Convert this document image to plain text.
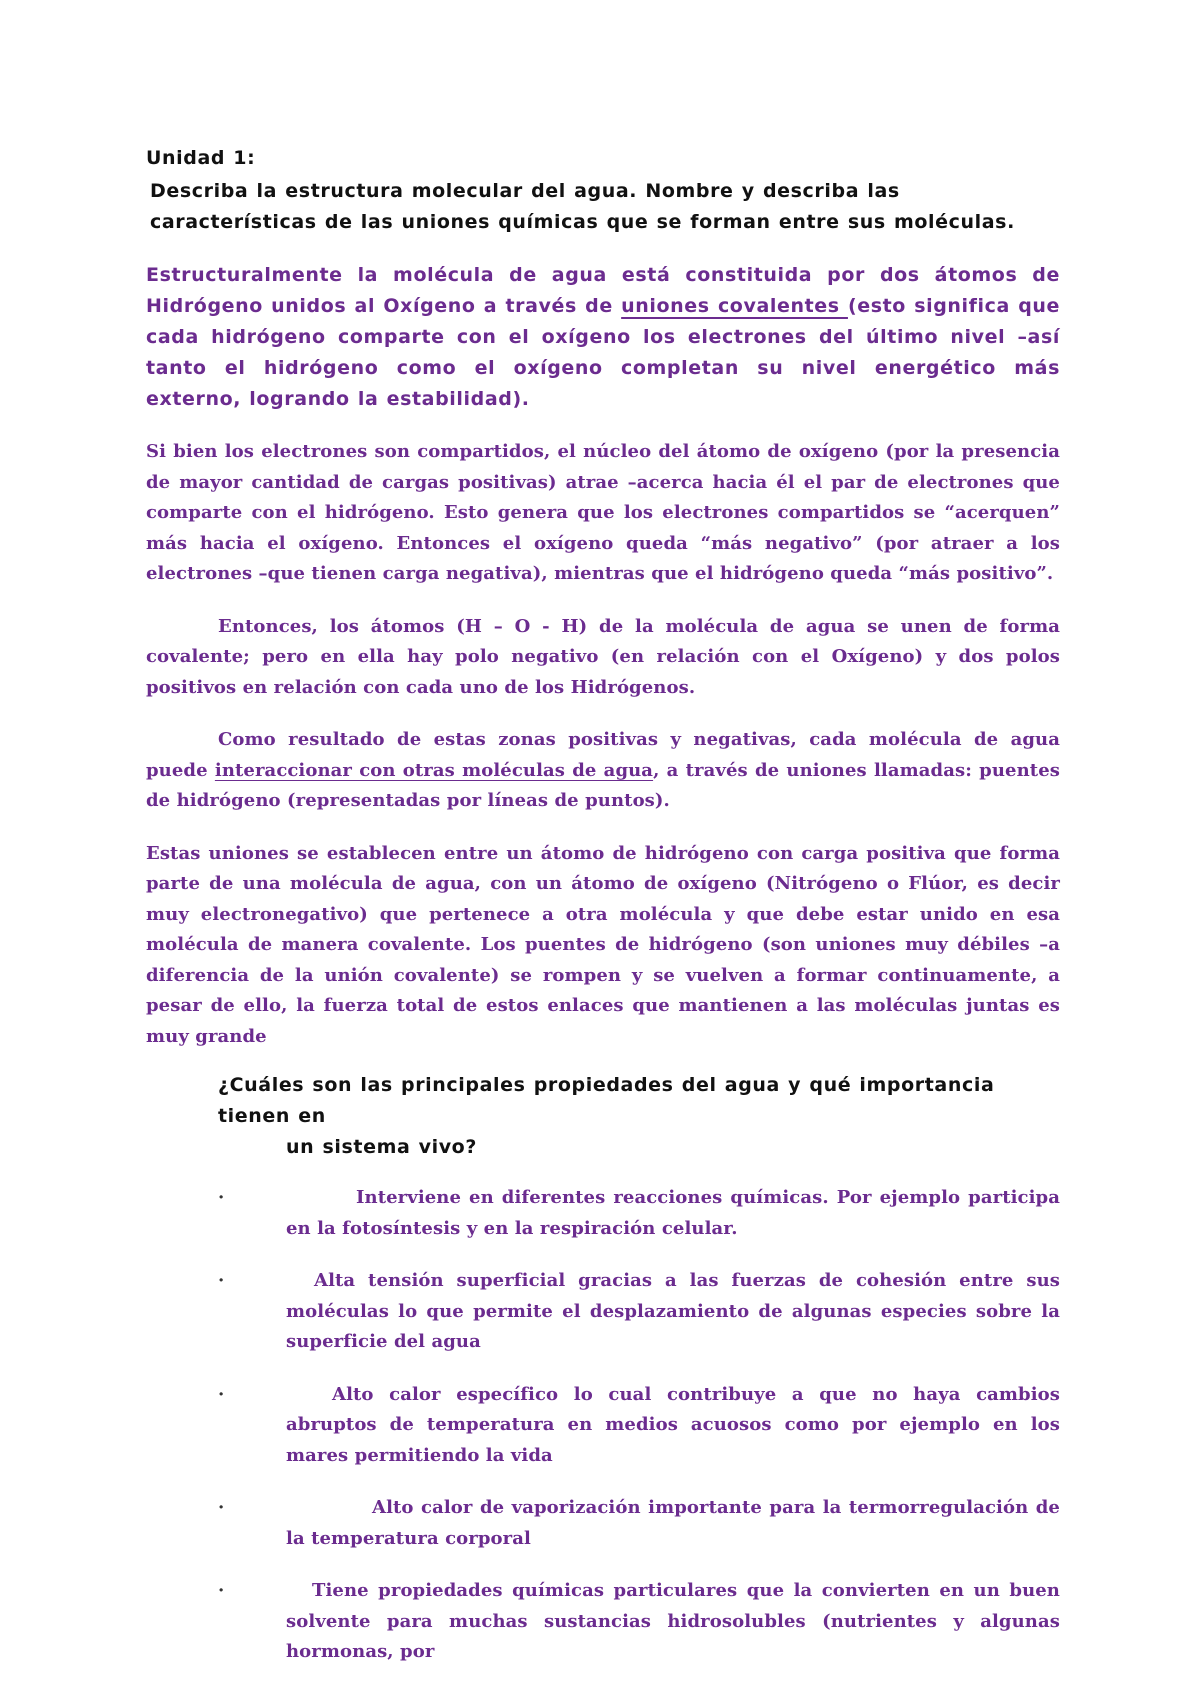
Unidad 1:

Describa la estructura molecular del agua. Nombre y describa las características de las uniones químicas que se forman entre sus moléculas.

Estructuralmente la molécula de agua está constituida por dos átomos de Hidrógeno unidos al Oxígeno a través de uniones covalentes (esto significa que cada hidrógeno comparte con el oxígeno los electrones del último nivel –así tanto el hidrógeno como el oxígeno completan su nivel energético más externo, logrando la estabilidad).

Si bien los electrones son compartidos, el núcleo del átomo de oxígeno (por la presencia de mayor cantidad de cargas positivas) atrae –acerca hacia él el par de electrones que comparte con el hidrógeno. Esto genera que los electrones compartidos se “acerquen” más hacia el oxígeno. Entonces el oxígeno queda “más negativo” (por atraer a los electrones –que tienen carga negativa), mientras que el hidrógeno queda “más positivo”.

Entonces, los átomos (H – O - H) de la molécula de agua se unen de forma covalente; pero en ella hay polo negativo (en relación con el Oxígeno) y dos polos positivos en relación con cada uno de los Hidrógenos.

Como resultado de estas zonas positivas y negativas, cada molécula de agua puede interaccionar con otras moléculas de agua, a través de uniones llamadas: puentes de hidrógeno (representadas por líneas de puntos).

Estas uniones se establecen entre un átomo de hidrógeno con carga positiva que forma parte de una molécula de agua, con un átomo de oxígeno (Nitrógeno o Flúor, es decir muy electronegativo) que pertenece a otra molécula y que debe estar unido en esa molécula de manera covalente. Los puentes de hidrógeno (son uniones muy débiles –a diferencia de la unión covalente) se rompen y se vuelven a formar continuamente, a pesar de ello, la fuerza total de estos enlaces que mantienen a las moléculas juntas es muy grande

¿Cuáles son las principales propiedades del agua y qué importancia tienen en
un sistema vivo?

·	Interviene en diferentes reacciones químicas. Por ejemplo participa en la fotosíntesis y en la respiración celular.
·	Alta tensión superficial gracias a las fuerzas de cohesión entre sus moléculas lo que permite el desplazamiento de algunas especies sobre la superficie del agua
·	Alto calor específico lo cual contribuye a que no haya cambios abruptos de temperatura en medios acuosos como por ejemplo en los mares permitiendo la vida
·	Alto calor de vaporización importante para la termorregulación de la temperatura corporal
·	Tiene propiedades químicas particulares que la convierten en un buen solvente para muchas sustancias hidrosolubles (nutrientes y algunas hormonas, por
